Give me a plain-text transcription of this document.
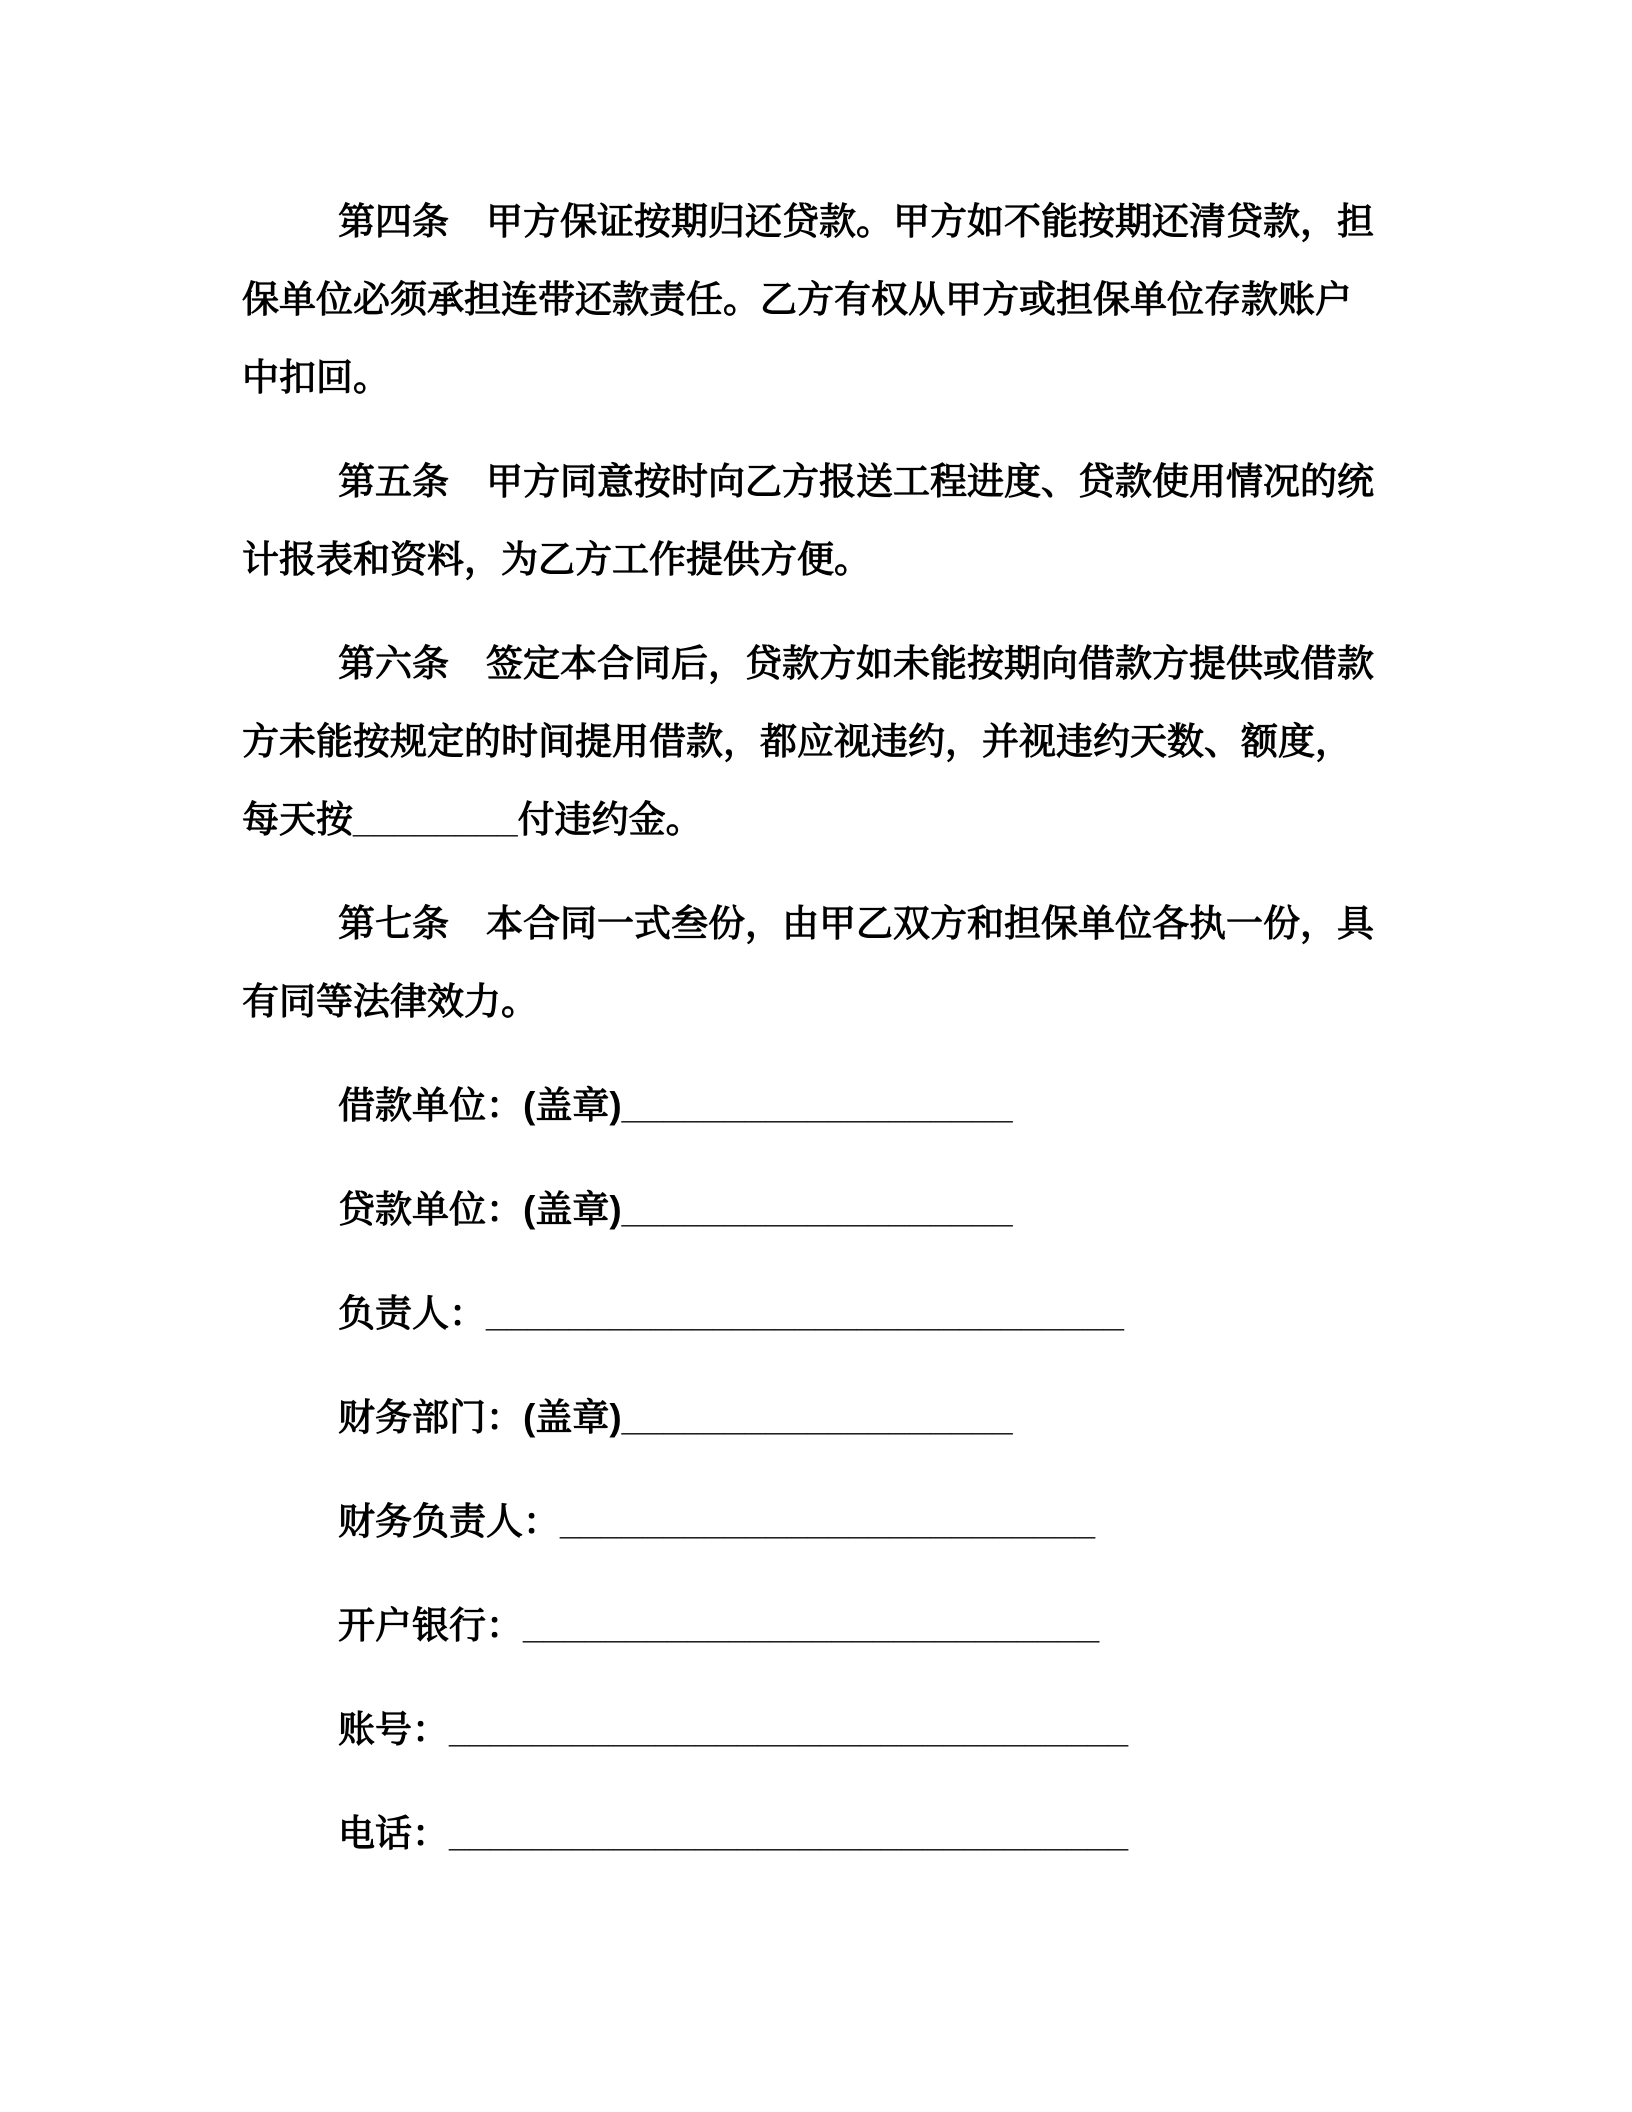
第四条　甲方保证按期归还贷款。甲方如不能按期还清贷款，担
保单位必须承担连带还款责任。乙方有权从甲方或担保单位存款账户
中扣回。
第五条　甲方同意按时向乙方报送工程进度、贷款使用情况的统
计报表和资料，为乙方工作提供方便。
第六条　签定本合同后，贷款方如未能按期向借款方提供或借款
方未能按规定的时间提用借款，都应视违约，并视违约天数、额度，
每天按________付违约金。
第七条　本合同一式叁份，由甲乙双方和担保单位各执一份，具
有同等法律效力。
借款单位：(盖章)___________________
贷款单位：(盖章)___________________
负责人：_______________________________
财务部门：(盖章)___________________
财务负责人：__________________________
开户银行：____________________________
账号：_________________________________
电话：_________________________________
